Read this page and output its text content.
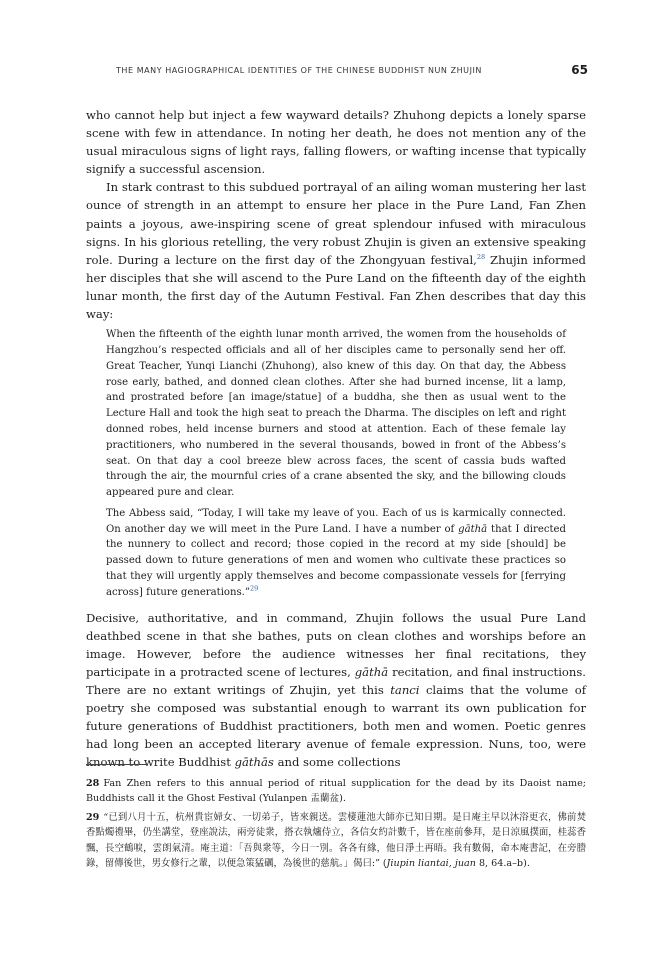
THE MANY HAGIOGRAPHICAL IDENTITIES OF THE CHINESE BUDDHIST NUN ZHUJIN	65

who cannot help but inject a few wayward details? Zhuhong depicts a lonely sparse scene with few in attendance. In noting her death, he does not mention any of the usual miraculous signs of light rays, falling flowers, or wafting incense that typically signify a successful ascension.

In stark contrast to this subdued portrayal of an ailing woman mustering her last ounce of strength in an attempt to ensure her place in the Pure Land, Fan Zhen paints a joyous, awe-inspiring scene of great splendour infused with miraculous signs. In his glorious retelling, the very robust Zhujin is given an extensive speaking role. During a lecture on the first day of the Zhongyuan festival,$^{28}$ Zhujin informed her disciples that she will ascend to the Pure Land on the fifteenth day of the eighth lunar month, the first day of the Autumn Festival. Fan Zhen describes that day this way:

When the fifteenth of the eighth lunar month arrived, the women from the households of Hangzhou’s respected officials and all of her disciples came to personally send her off. Great Teacher, Yunqi Lianchi (Zhuhong), also knew of this day. On that day, the Abbess rose early, bathed, and donned clean clothes. After she had burned incense, lit a lamp, and prostrated before [an image/statue] of a buddha, she then as usual went to the Lecture Hall and took the high seat to preach the Dharma. The disciples on left and right donned robes, held incense burners and stood at attention. Each of these female lay practitioners, who numbered in the several thousands, bowed in front of the Abbess’s seat. On that day a cool breeze blew across faces, the scent of cassia buds wafted through the air, the mournful cries of a crane absented the sky, and the billowing clouds appeared pure and clear.

The Abbess said, “Today, I will take my leave of you. Each of us is karmically connected. On another day we will meet in the Pure Land. I have a number of gāthā that I directed the nunnery to collect and record; those copied in the record at my side [should] be passed down to future generations of men and women who cultivate these practices so that they will urgently apply themselves and become compassionate vessels for [ferrying across] future generations.”$^{29}$

Decisive, authoritative, and in command, Zhujin follows the usual Pure Land deathbed scene in that she bathes, puts on clean clothes and worships before an image. However, before the audience witnesses her final recitations, they participate in a protracted scene of lectures, gāthā recitation, and final instructions. There are no extant writings of Zhujin, yet this tanci claims that the volume of poetry she composed was substantial enough to warrant its own publication for future generations of Buddhist practitioners, both men and women. Poetic genres had long been an accepted literary avenue of female expression. Nuns, too, were known to write Buddhist gāthās and some collections

28 Fan Zhen refers to this annual period of ritual supplication for the dead by its Daoist name; Buddhists call it the Ghost Festival (Yulanpen 盂蘭盆).

29 “已到八月十五，杭州貴宦婦女、一切弟子，皆來親送。雲棲蓮池大師亦已知日期。是日庵主早以沐浴更衣，佛前焚香點燭禮畢，仍坐講堂，登座說法，兩旁徒衆，搭衣執爐侍立，各信女約計數千，皆在座前參拜，是日涼風撲面，桂蕊香飄，長空鶴唳，雲朗氣清。庵主道：「吾與衆等，今日一別。各各有緣，他日淨土再晤。我有數偈，命本庵書記，在旁謄錄，留傳後世，男女修行之輩，以便急策猛礪，為後世的慈航。」偈曰:” (Jiupin liantai, juan 8, 64.a–b).
